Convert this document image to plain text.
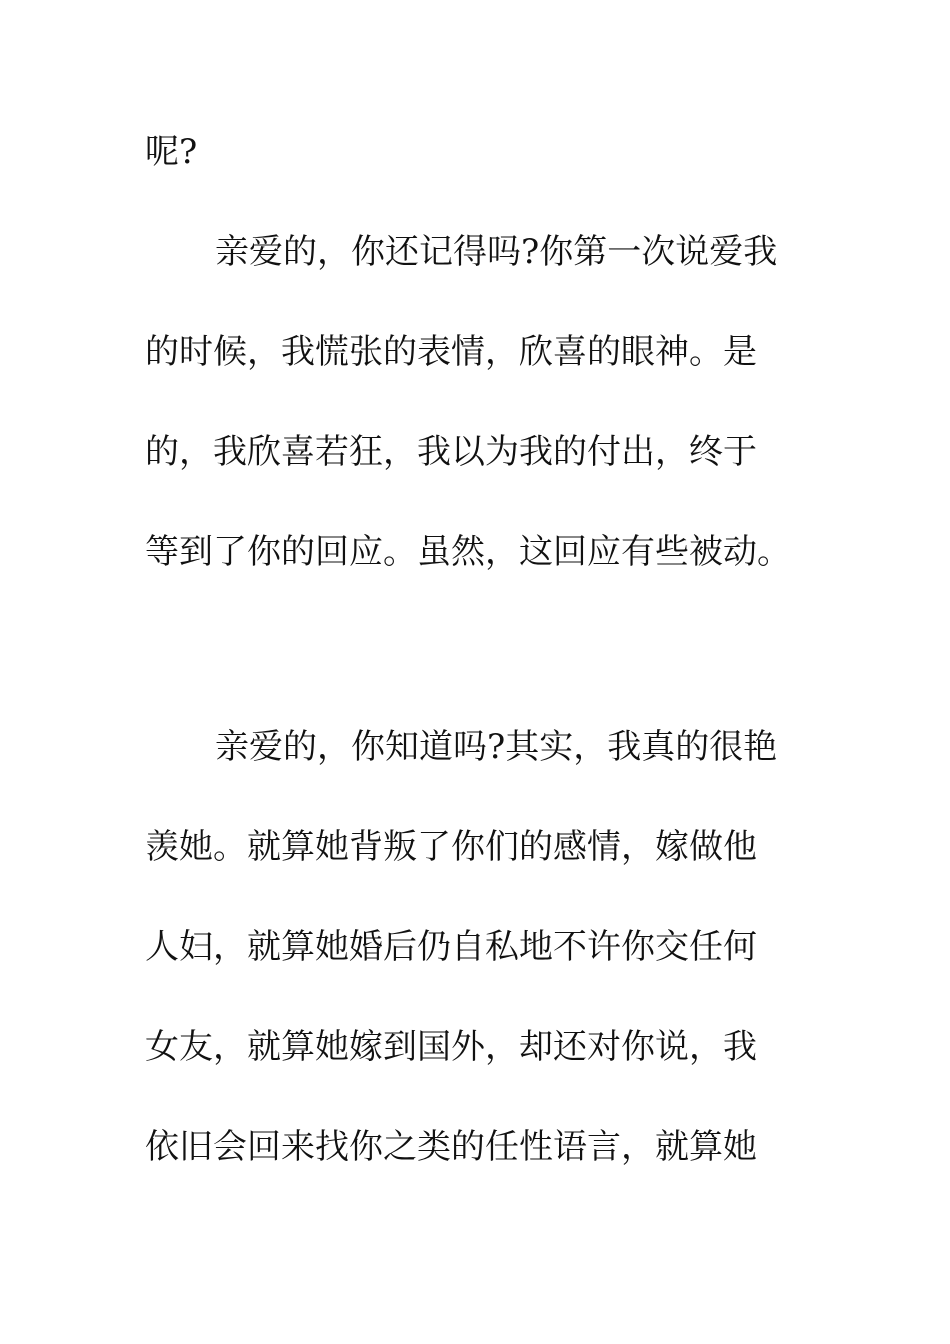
呢?
亲爱的，你还记得吗?你第一次说爱我
的时候，我慌张的表情，欣喜的眼神。是
的，我欣喜若狂，我以为我的付出，终于
等到了你的回应。虽然，这回应有些被动。
亲爱的，你知道吗?其实，我真的很艳
羡她。就算她背叛了你们的感情，嫁做他
人妇，就算她婚后仍自私地不许你交任何
女友，就算她嫁到国外，却还对你说，我
依旧会回来找你之类的任性语言，就算她
